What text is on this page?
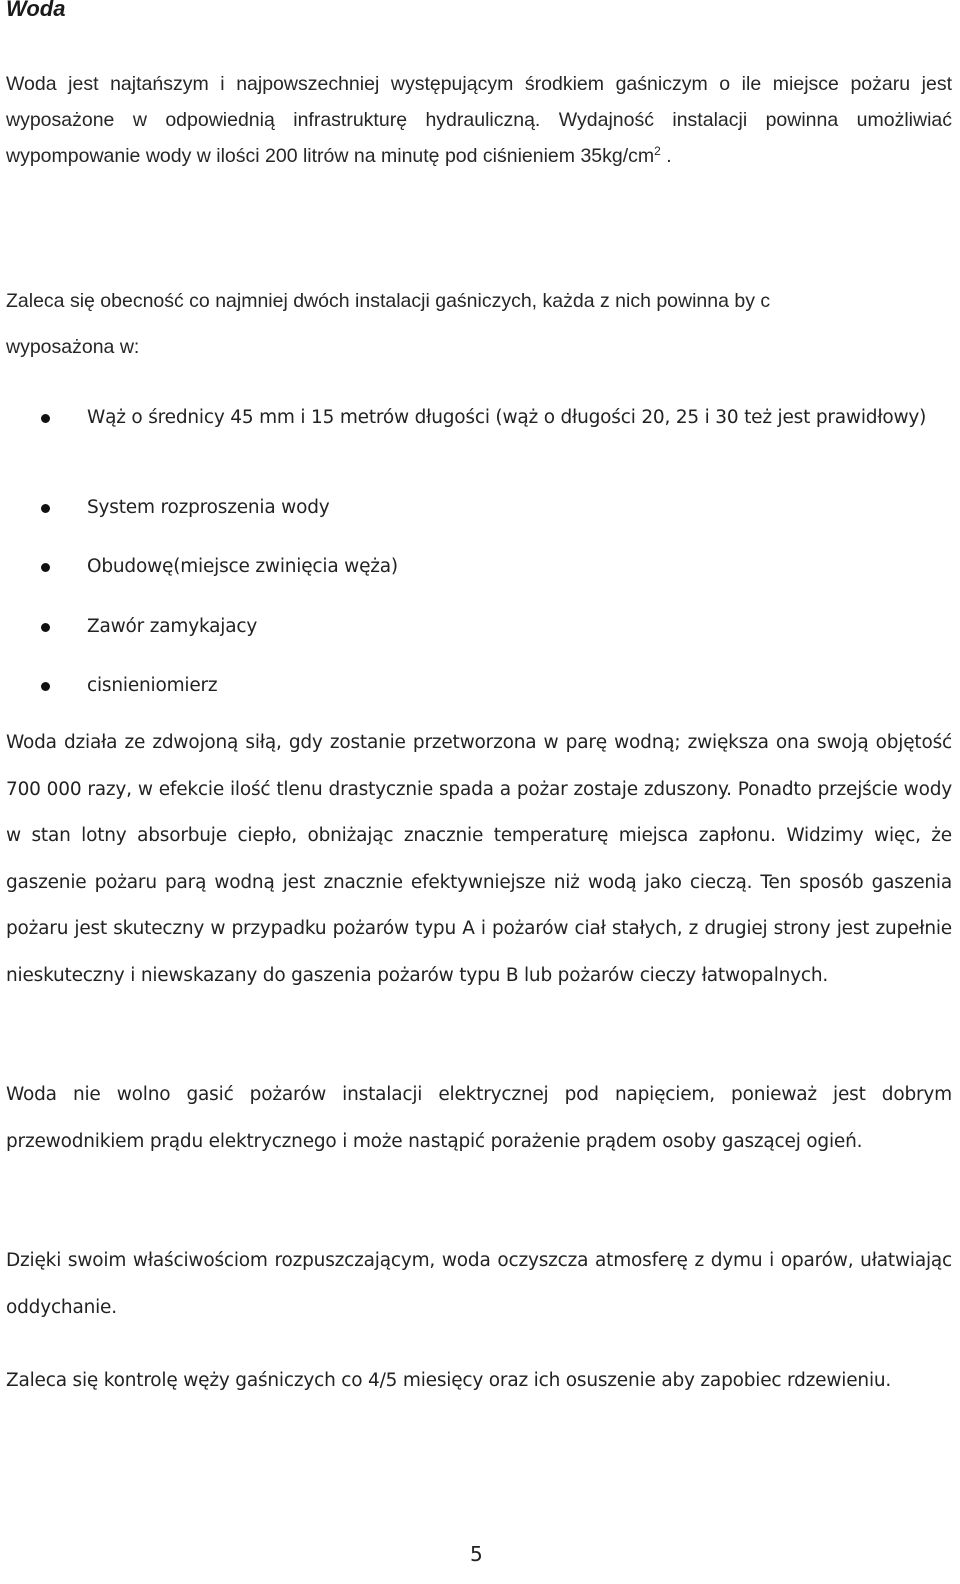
Woda

Woda jest najtańszym i najpowszechniej występującym środkiem gaśniczym o ile miejsce pożaru jest wyposażone w odpowiednią infrastrukturę hydrauliczną. Wydajność instalacji powinna umożliwiać wypompowanie wody w ilości 200 litrów na minutę pod ciśnieniem $35kg/cm^2$ .

Zaleca się obecność co najmniej dwóch instalacji gaśniczych, każda z nich powinna by c
wyposażona w:
Wąż o średnicy 45 mm i 15 metrów długości (wąż o długości 20, 25 i 30 też jest prawidłowy)
System rozproszenia wody
Obudowę(miejsce zwinięcia węża)
Zawór zamykajacy
cisnieniomierz

Woda działa ze zdwojoną siłą, gdy zostanie przetworzona w parę wodną; zwiększa ona swoją objętość 700 000 razy, w efekcie ilość tlenu drastycznie spada a pożar zostaje zduszony. Ponadto przejście wody w stan lotny absorbuje ciepło, obniżając znacznie temperaturę miejsca zapłonu. Widzimy więc, że gaszenie pożaru parą wodną jest znacznie efektywniejsze niż wodą jako cieczą. Ten sposób gaszenia pożaru jest skuteczny w przypadku pożarów typu A i pożarów ciał stałych, z drugiej strony jest zupełnie nieskuteczny i niewskazany do gaszenia pożarów typu B lub pożarów cieczy łatwopalnych.

Woda nie wolno gasić pożarów instalacji elektrycznej pod napięciem, ponieważ jest dobrym przewodnikiem prądu elektrycznego i może nastąpić porażenie prądem osoby gaszącej ogień.

Dzięki swoim właściwościom rozpuszczającym, woda oczyszcza atmosferę z dymu i oparów, ułatwiając oddychanie.

Zaleca się kontrolę węży gaśniczych co 4/5 miesięcy oraz ich osuszenie aby zapobiec rdzewieniu.

5
